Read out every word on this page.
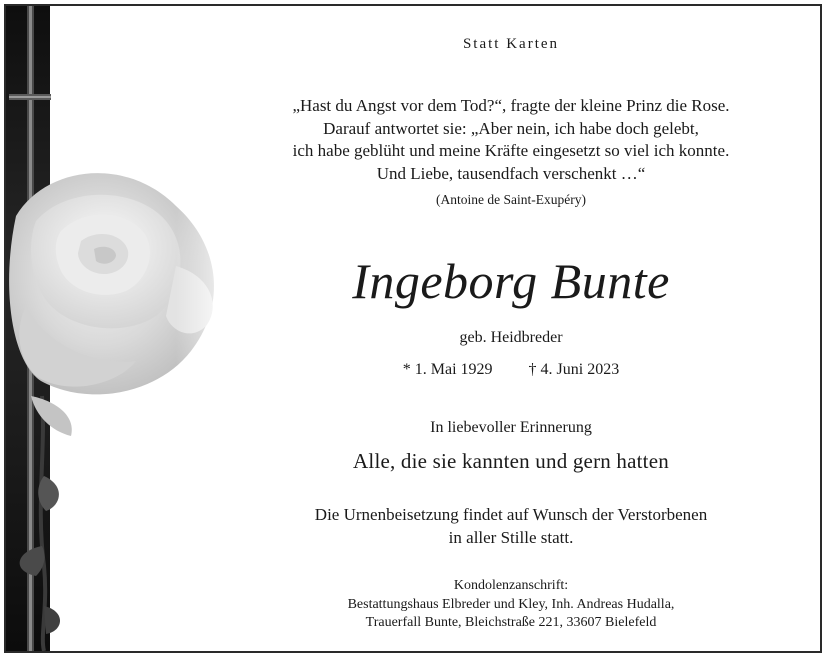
Statt Karten

„Hast du Angst vor dem Tod?“, fragte der kleine Prinz die Rose.
Darauf antwortet sie: „Aber nein, ich habe doch gelebt,
ich habe geblüht und meine Kräfte eingesetzt so viel ich konnte.
Und Liebe, tausendfach verschenkt …“

(Antoine de Saint-Exupéry)

Ingeborg Bunte

geb. Heidbreder

* 1. Mai 1929 † 4. Juni 2023

In liebevoller Erinnerung

Alle, die sie kannten und gern hatten

Die Urnenbeisetzung findet auf Wunsch der Verstorbenen
in aller Stille statt.

Kondolenzanschrift:
Bestattungshaus Elbreder und Kley, Inh. Andreas Hudalla,
Trauerfall Bunte, Bleichstraße 221, 33607 Bielefeld
